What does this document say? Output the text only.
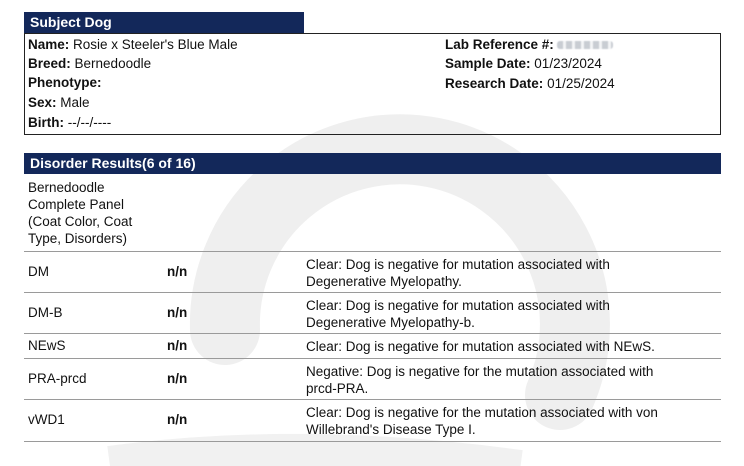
Subject Dog
Name: Rosie x Steeler's Blue Male
Breed: Bernedoodle
Phenotype:
Sex: Male
Birth: --/--/----
Lab Reference #:
Sample Date: 01/23/2024
Research Date: 01/25/2024
Disorder Results(6 of 16)
Bernedoodle
Complete Panel
(Coat Color, Coat
Type, Disorders)
DM	n/n	Clear: Dog is negative for mutation associated with
Degenerative Myelopathy.
DM-B	n/n	Clear: Dog is negative for mutation associated with
Degenerative Myelopathy-b.
NEwS	n/n	Clear: Dog is negative for mutation associated with NEwS.
PRA-prcd	n/n	Negative: Dog is negative for the mutation associated with
prcd-PRA.
vWD1	n/n	Clear: Dog is negative for the mutation associated with von
Willebrand's Disease Type I.
